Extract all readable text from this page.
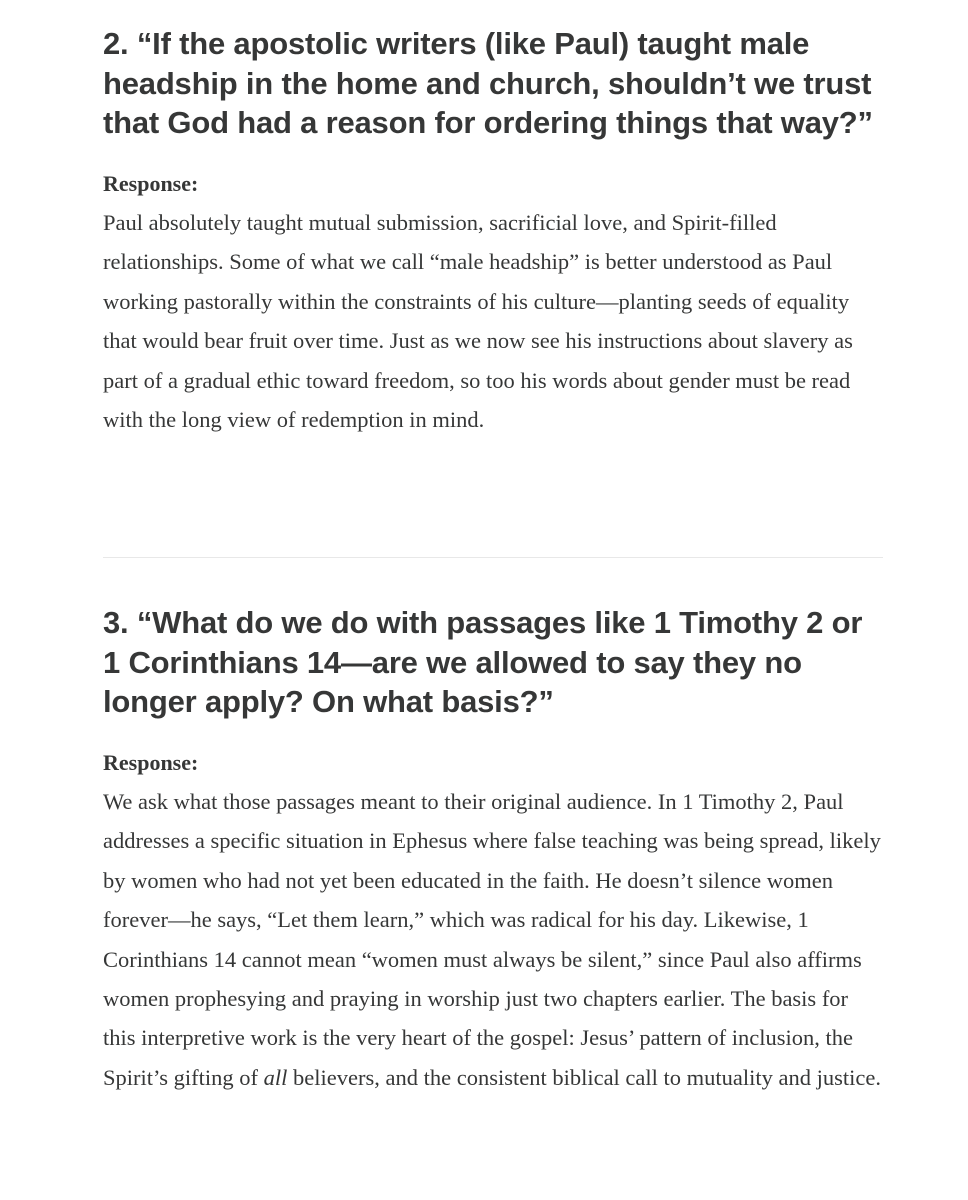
2. “If the apostolic writers (like Paul) taught male headship in the home and church, shouldn’t we trust that God had a reason for ordering things that way?”
Response:

Paul absolutely taught mutual submission, sacrificial love, and Spirit-filled relationships. Some of what we call “male headship” is better understood as Paul working pastorally within the constraints of his culture—planting seeds of equality that would bear fruit over time. Just as we now see his instructions about slavery as part of a gradual ethic toward freedom, so too his words about gender must be read with the long view of redemption in mind.

3. “What do we do with passages like 1 Timothy 2 or 1 Corinthians 14—are we allowed to say they no longer apply? On what basis?”
Response:

We ask what those passages meant to their original audience. In 1 Timothy 2, Paul addresses a specific situation in Ephesus where false teaching was being spread, likely by women who had not yet been educated in the faith. He doesn’t silence women forever—he says, “Let them learn,” which was radical for his day. Likewise, 1 Corinthians 14 cannot mean “women must always be silent,” since Paul also affirms women prophesying and praying in worship just two chapters earlier. The basis for this interpretive work is the very heart of the gospel: Jesus’ pattern of inclusion, the Spirit’s gifting of all believers, and the consistent biblical call to mutuality and justice.
